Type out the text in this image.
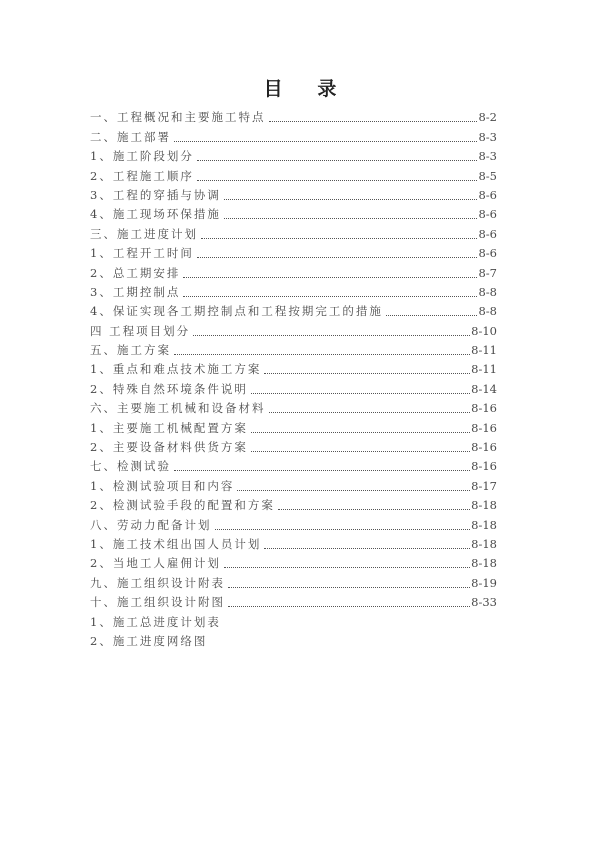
目 录
一、工程概况和主要施工特点	8-2
二、施工部署	8-3
1、施工阶段划分	8-3
2、工程施工顺序	8-5
3、工程的穿插与协调	8-6
4、施工现场环保措施	8-6
三、施工进度计划	8-6
1、工程开工时间	8-6
2、总工期安排	8-7
3、工期控制点	8-8
4、保证实现各工期控制点和工程按期完工的措施	8-8
四 工程项目划分	8-10
五、施工方案	8-11
1、重点和难点技术施工方案	8-11
2、特殊自然环境条件说明	8-14
六、主要施工机械和设备材料	8-16
1、主要施工机械配置方案	8-16
2、主要设备材料供货方案	8-16
七、检测试验	8-16
1、检测试验项目和内容	8-17
2、检测试验手段的配置和方案	8-18
八、劳动力配备计划	8-18
1、施工技术组出国人员计划	8-18
2、当地工人雇佣计划	8-18
九、施工组织设计附表	8-19
十、施工组织设计附图	8-33
1、施工总进度计划表
2、施工进度网络图
